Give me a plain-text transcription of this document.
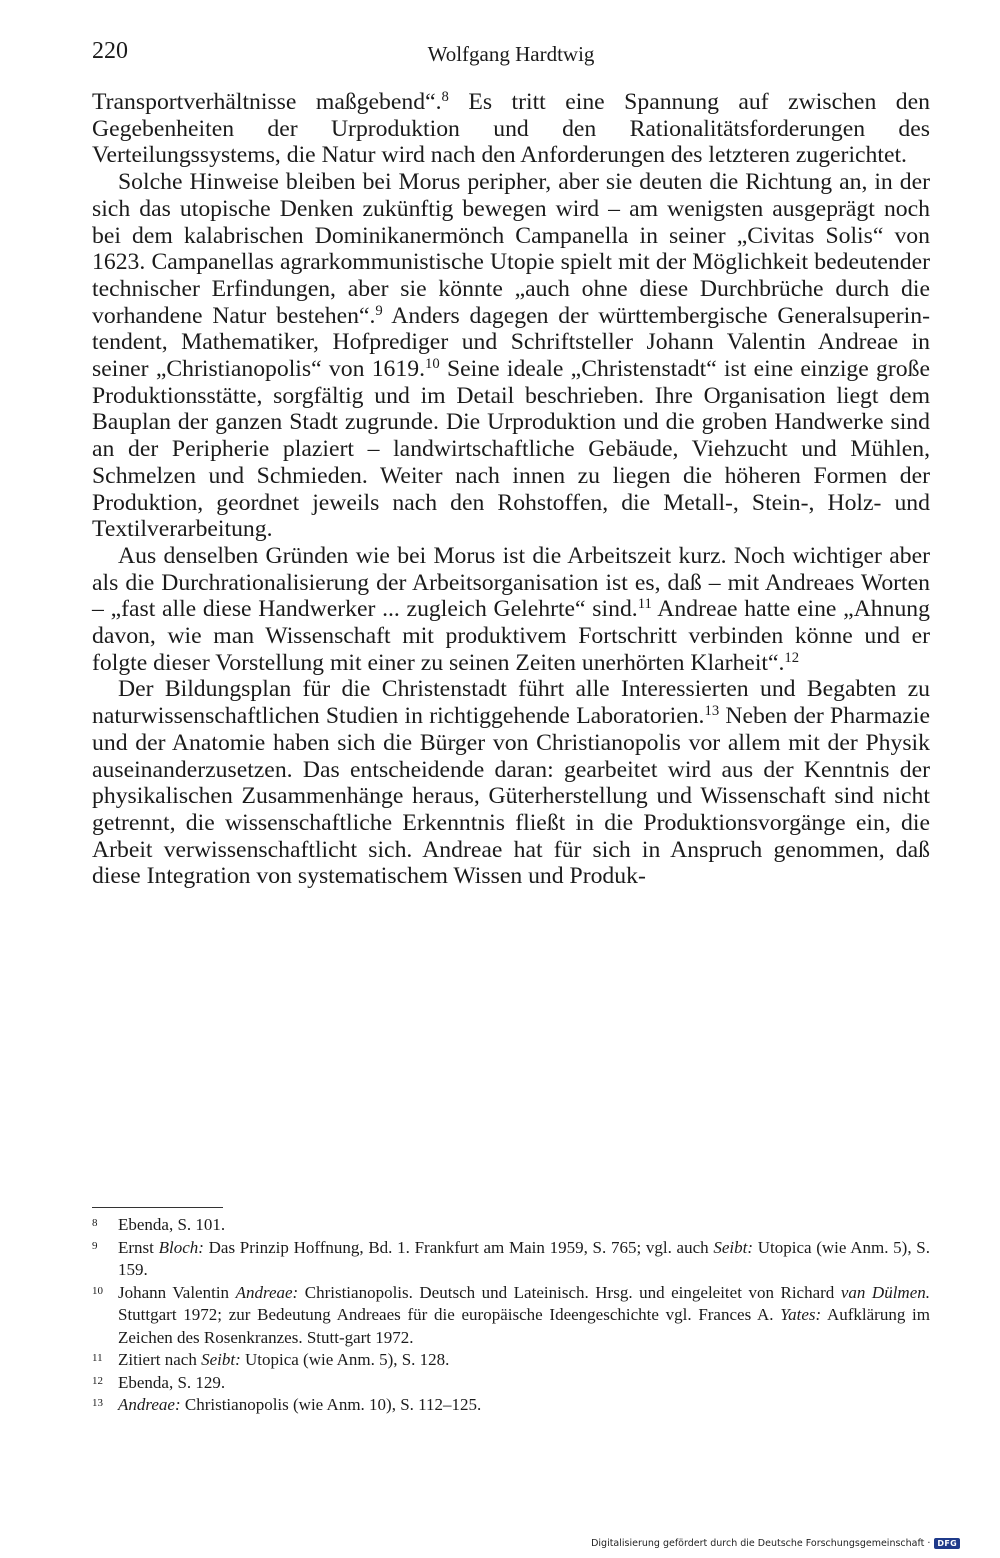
220	Wolfgang Hardtwig

Transportverhältnisse maßgebend“.$^8$ Es tritt eine Spannung auf zwischen den Gegebenheiten der Urproduktion und den Rationalitätsforderungen des Verteilungssystems, die Natur wird nach den Anforderungen des letzteren zugerichtet.

Solche Hinweise bleiben bei Morus peripher, aber sie deuten die Richtung an, in der sich das utopische Denken zukünftig bewegen wird – am wenigsten ausgeprägt noch bei dem kalabrischen Dominikanermönch Campanella in seiner „Civitas Solis“ von 1623. Campanellas agrarkommunistische Utopie spielt mit der Möglichkeit bedeutender technischer Erfindungen, aber sie könnte „auch ohne diese Durchbrüche durch die vorhandene Natur bestehen“.$^9$ Anders dagegen der württembergische Generalsuperintendent, Mathematiker, Hofprediger und Schriftsteller Johann Valentin Andreae in seiner „Christianopolis“ von 1619.10 Seine ideale „Christenstadt“ ist eine einzige große Produktionsstätte, sorgfältig und im Detail beschrieben. Ihre Organisation liegt dem Bauplan der ganzen Stadt zugrunde. Die Urproduktion und die groben Handwerke sind an der Peripherie plaziert – landwirtschaftliche Gebäude, Viehzucht und Mühlen, Schmelzen und Schmieden. Weiter nach innen zu liegen die höheren Formen der Produktion, geordnet jeweils nach den Rohstoffen, die Metall-, Stein-, Holz- und Textilverarbeitung.

Aus denselben Gründen wie bei Morus ist die Arbeitszeit kurz. Noch wichtiger aber als die Durchrationalisierung der Arbeitsorganisation ist es, daß – mit Andreaes Worten – „fast alle diese Handwerker ... zugleich Gelehrte“ sind.$^{11}$ Andreae hatte eine „Ahnung davon, wie man Wissenschaft mit produktivem Fortschritt verbinden könne und er folgte dieser Vorstellung mit einer zu seinen Zeiten unerhörten Klarheit“.$^{12}$

Der Bildungsplan für die Christenstadt führt alle Interessierten und Begabten zu naturwissenschaftlichen Studien in richtiggehende Laboratorien.$^{13}$ Neben der Pharmazie und der Anatomie haben sich die Bürger von Christianopolis vor allem mit der Physik auseinanderzusetzen. Das entscheidende daran: gearbeitet wird aus der Kenntnis der physikalischen Zusammenhänge heraus, Güterherstellung und Wissenschaft sind nicht getrennt, die wissenschaftliche Erkenntnis fließt in die Produktionsvorgänge ein, die Arbeit verwissenschaftlicht sich. Andreae hat für sich in Anspruch genommen, daß diese Integration von systematischem Wissen und Produk-

8 Ebenda, S. 101.
9 Ernst Bloch: Das Prinzip Hoffnung, Bd. 1. Frankfurt am Main 1959, S. 765; vgl. auch Seibt: Utopica (wie Anm. 5), S. 159.
10 Johann Valentin Andreae: Christianopolis. Deutsch und Lateinisch. Hrsg. und eingeleitet von Richard van Dülmen. Stuttgart 1972; zur Bedeutung Andreaes für die europäische Ideengeschichte vgl. Frances A. Yates: Aufklärung im Zeichen des Rosenkranzes. Stutt-gart 1972.
11 Zitiert nach Seibt: Utopica (wie Anm. 5), S. 128.
12 Ebenda, S. 129.
13 Andreae: Christianopolis (wie Anm. 10), S. 112–125.
Digitalisierung gefördert durch die Deutsche Forschungsgemeinschaft · DFG
